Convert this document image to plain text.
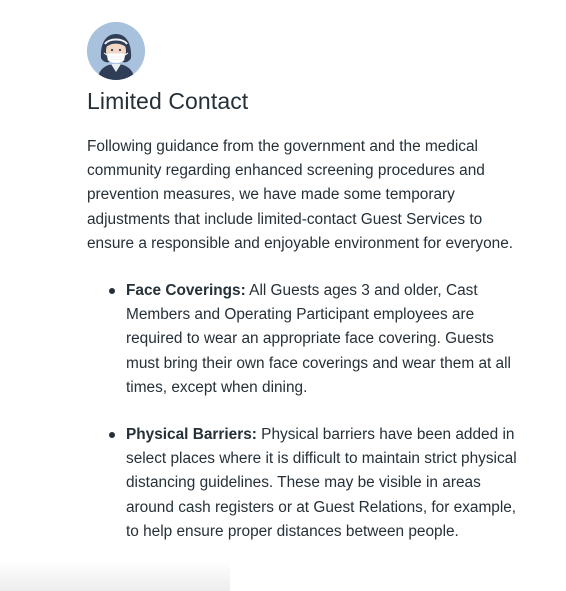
Limited Contact

Following guidance from the government and the medical community regarding enhanced screening procedures and prevention measures, we have made some temporary adjustments that include limited-contact Guest Services to ensure a responsible and enjoyable environment for everyone.

Face Coverings: All Guests ages 3 and older, Cast Members and Operating Participant employees are required to wear an appropriate face covering. Guests must bring their own face coverings and wear them at all times, except when dining.
Physical Barriers: Physical barriers have been added in select places where it is difficult to maintain strict physical distancing guidelines. These may be visible in areas around cash registers or at Guest Relations, for example, to help ensure proper distances between people.
